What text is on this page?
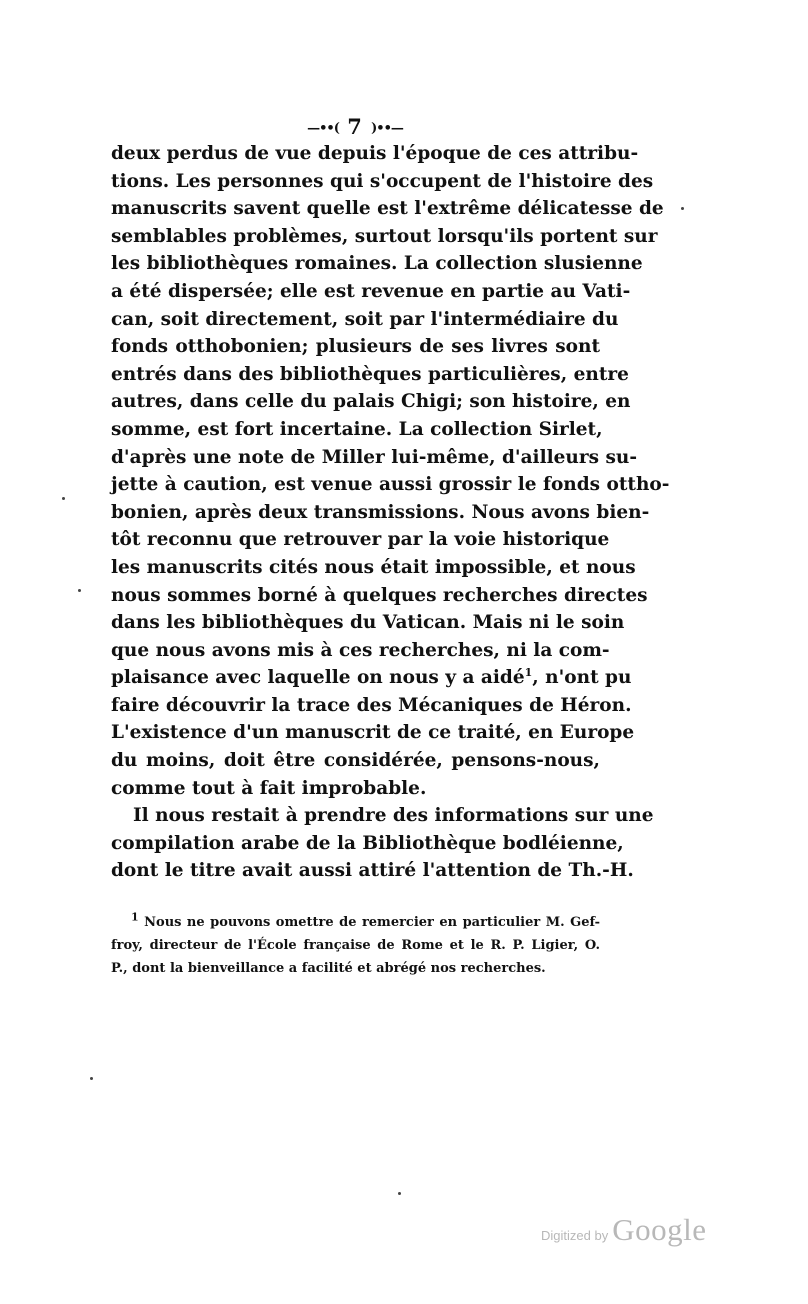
—••( 7 )••—
deux perdus de vue depuis l'époque de ces attribu-
tions. Les personnes qui s'occupent de l'histoire des
manuscrits savent quelle est l'extrême délicatesse de
semblables problèmes, surtout lorsqu'ils portent sur
les bibliothèques romaines. La collection slusienne
a été dispersée; elle est revenue en partie au Vati-
can, soit directement, soit par l'intermédiaire du
fonds otthobonien; plusieurs de ses livres sont
entrés dans des bibliothèques particulières, entre
autres, dans celle du palais Chigi; son histoire, en
somme, est fort incertaine. La collection Sirlet,
d'après une note de Miller lui-même, d'ailleurs su-
jette à caution, est venue aussi grossir le fonds ottho-
bonien, après deux transmissions. Nous avons bien-
tôt reconnu que retrouver par la voie historique
les manuscrits cités nous était impossible, et nous
nous sommes borné à quelques recherches directes
dans les bibliothèques du Vatican. Mais ni le soin
que nous avons mis à ces recherches, ni la com-
plaisance avec laquelle on nous y a aidé$^1$, n'ont pu
faire découvrir la trace des Mécaniques de Héron.
L'existence d'un manuscrit de ce traité, en Europe
du moins, doit être considérée, pensons-nous,
comme tout à fait improbable.
Il nous restait à prendre des informations sur une
compilation arabe de la Bibliothèque bodléienne,
dont le titre avait aussi attiré l'attention de Th.-H.
$^1$ Nous ne pouvons omettre de remercier en particulier M. Gef-
froy, directeur de l'École française de Rome et le R. P. Ligier, O.
P., dont la bienveillance a facilité et abrégé nos recherches.
Digitized by Google
